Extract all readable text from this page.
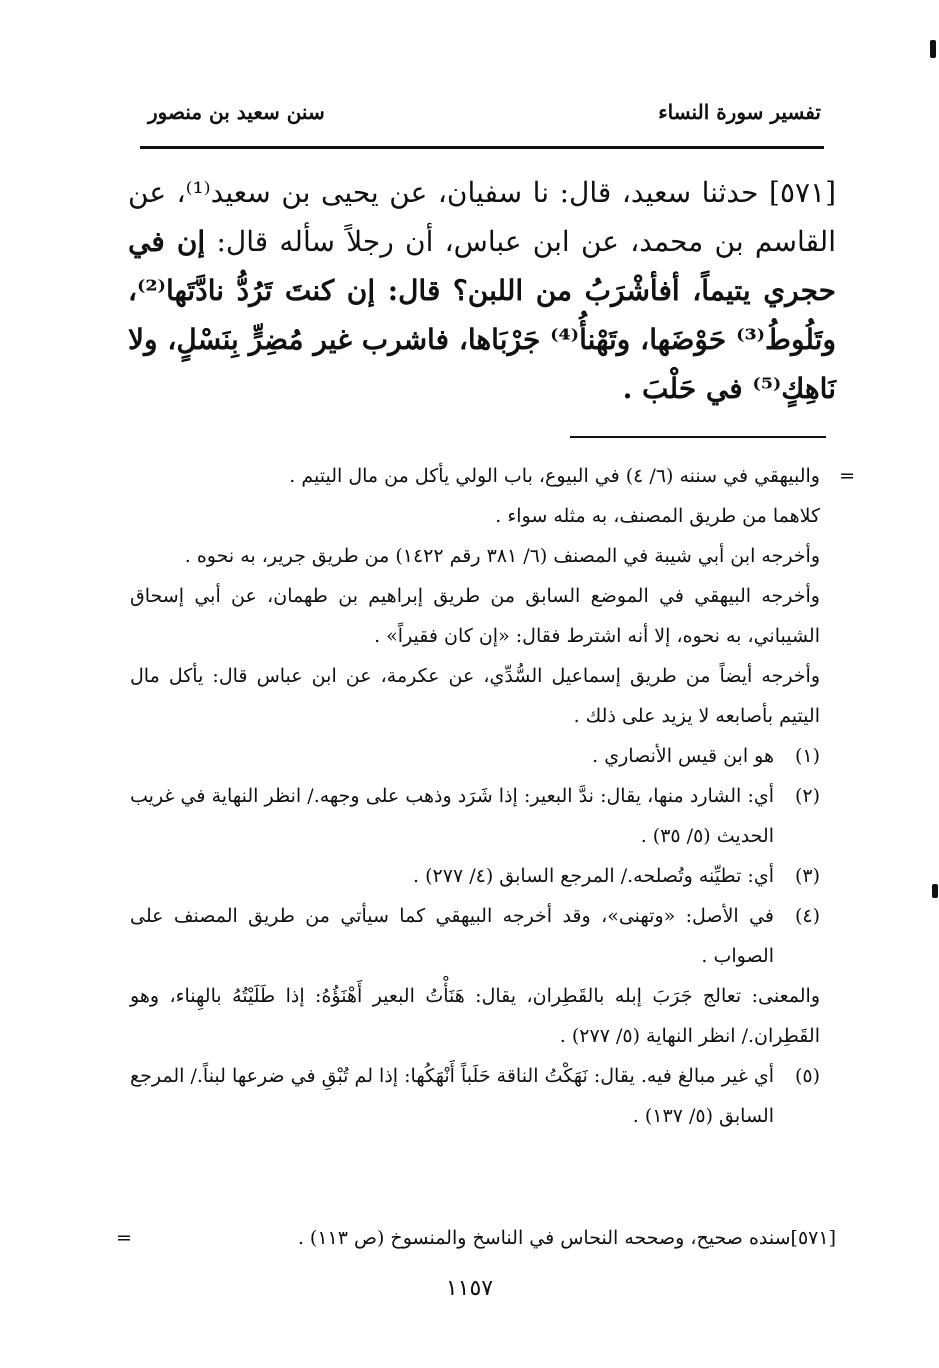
تفسير سورة النساء
سنن سعيد بن منصور
[٥٧١] حدثنا سعيد، قال: نا سفيان، عن يحيى بن سعيد⁽¹⁾، عن القاسم بن محمد، عن ابن عباس، أن رجلاً سأله قال: إن في حجري يتيماً، أفأشْرَبُ من اللبن؟ قال: إن كنتَ تَرُدُّ نادَّتَها⁽²⁾، وتَلُوطُ⁽³⁾ حَوْضَها، وتَهْنأُ⁽⁴⁾ جَرْبَاها، فاشرب غير مُضِرٍّ بِنَسْلٍ، ولا نَاهِكٍ⁽⁵⁾ في حَلْبَ .
=

والبيهقي في سننه (٦/ ٤) في البيوع، باب الولي يأكل من مال اليتيم .

كلاهما من طريق المصنف، به مثله سواء .

وأخرجه ابن أبي شيبة في المصنف (٦/ ٣٨١ رقم ١٤٢٢) من طريق جرير، به نحوه .

وأخرجه البيهقي في الموضع السابق من طريق إبراهيم بن طهمان، عن أبي إسحاق الشيباني، به نحوه، إلا أنه اشترط فقال: «إن كان فقيراً» .

وأخرجه أيضاً من طريق إسماعيل السُّدِّي، عن عكرمة، عن ابن عباس قال: يأكل مال اليتيم بأصابعه لا يزيد على ذلك .

(١)

هو ابن قيس الأنصاري .

(٢)

أي: الشارد منها، يقال: ندَّ البعير: إذا شَرَد وذهب على وجهه./ انظر النهاية في غريب الحديث (٥/ ٣٥) .

(٣)

أي: تطيِّنه وتُصلحه./ المرجع السابق (٤/ ٢٧٧) .

(٤)

في الأصل: «وتهنى»، وقد أخرجه البيهقي كما سيأتي من طريق المصنف على الصواب .

والمعنى: تعالج جَرَبَ إبله بالقَطِران، يقال: هَنَأْتُ البعير أَهْنَؤُهُ: إذا طَلَيْتُهُ بالهِناء، وهو القَطِران./ انظر النهاية (٥/ ٢٧٧) .

(٥)

أي غير مبالغ فيه. يقال: نَهَكْتُ الناقة حَلَباً أَنْهَكُها: إذا لم تُبْقِ في ضرعها لبناً./ المرجع السابق (٥/ ١٣٧) .

[٥٧١]سنده صحيح، وصححه النحاس في الناسخ والمنسوخ (ص ١١٣) .
=
١١٥٧
